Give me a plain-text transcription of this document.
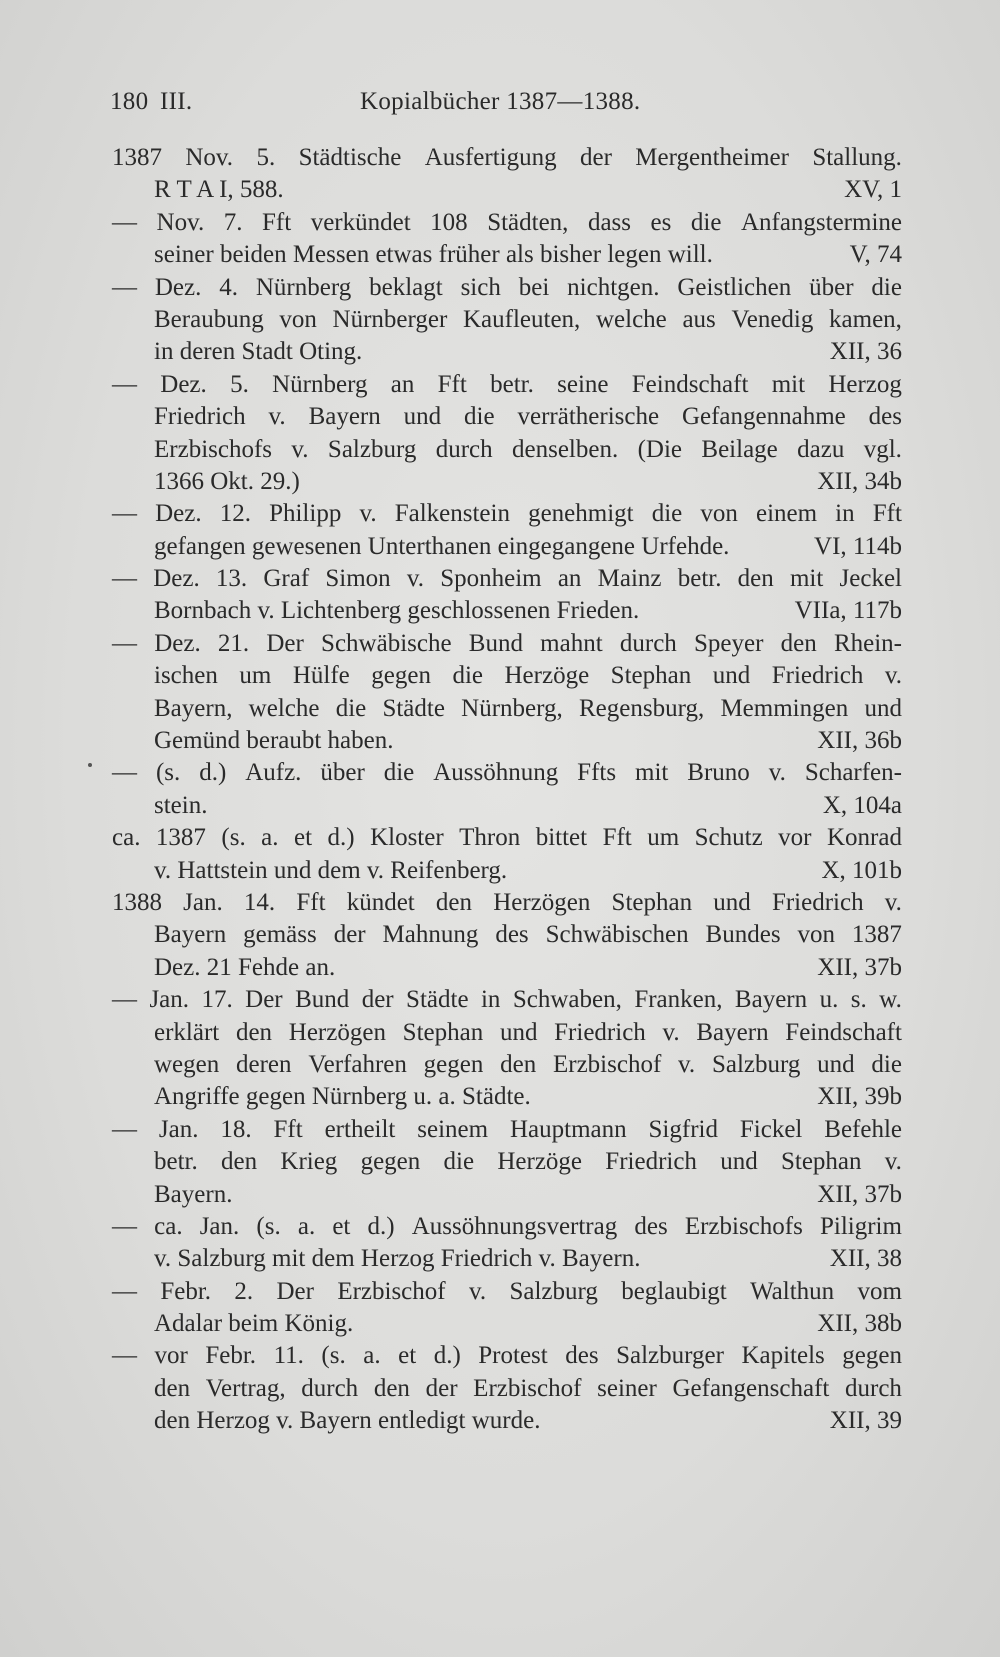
180 III.	Kopialbücher 1387—1388.
1387 Nov. 5. Städtische Ausfertigung der Mergentheimer Stallung.
R T A I, 588.	XV, 1
— Nov. 7. Fft verkündet 108 Städten, dass es die Anfangstermine
seiner beiden Messen etwas früher als bisher legen will.	V, 74
— Dez. 4. Nürnberg beklagt sich bei nichtgen. Geistlichen über die
Beraubung von Nürnberger Kaufleuten, welche aus Venedig kamen,
in deren Stadt Oting.	XII, 36
— Dez. 5. Nürnberg an Fft betr. seine Feindschaft mit Herzog
Friedrich v. Bayern und die verrätherische Gefangennahme des
Erzbischofs v. Salzburg durch denselben. (Die Beilage dazu vgl.
1366 Okt. 29.)	XII, 34b
— Dez. 12. Philipp v. Falkenstein genehmigt die von einem in Fft
gefangen gewesenen Unterthanen eingegangene Urfehde.	VI, 114b
— Dez. 13. Graf Simon v. Sponheim an Mainz betr. den mit Jeckel
Bornbach v. Lichtenberg geschlossenen Frieden.	VIIa, 117b
— Dez. 21. Der Schwäbische Bund mahnt durch Speyer den Rhein-
ischen um Hülfe gegen die Herzöge Stephan und Friedrich v.
Bayern, welche die Städte Nürnberg, Regensburg, Memmingen und
Gemünd beraubt haben.	XII, 36b
— (s. d.) Aufz. über die Aussöhnung Ffts mit Bruno v. Scharfen-
stein.	X, 104a
ca. 1387 (s. a. et d.) Kloster Thron bittet Fft um Schutz vor Konrad
v. Hattstein und dem v. Reifenberg.	X, 101b
1388 Jan. 14. Fft kündet den Herzögen Stephan und Friedrich v.
Bayern gemäss der Mahnung des Schwäbischen Bundes von 1387
Dez. 21 Fehde an.	XII, 37b
— Jan. 17. Der Bund der Städte in Schwaben, Franken, Bayern u. s. w.
erklärt den Herzögen Stephan und Friedrich v. Bayern Feindschaft
wegen deren Verfahren gegen den Erzbischof v. Salzburg und die
Angriffe gegen Nürnberg u. a. Städte.	XII, 39b
— Jan. 18. Fft ertheilt seinem Hauptmann Sigfrid Fickel Befehle
betr. den Krieg gegen die Herzöge Friedrich und Stephan v.
Bayern.	XII, 37b
— ca. Jan. (s. a. et d.) Aussöhnungsvertrag des Erzbischofs Piligrim
v. Salzburg mit dem Herzog Friedrich v. Bayern.	XII, 38
— Febr. 2. Der Erzbischof v. Salzburg beglaubigt Walthun vom
Adalar beim König.	XII, 38b
— vor Febr. 11. (s. a. et d.) Protest des Salzburger Kapitels gegen
den Vertrag, durch den der Erzbischof seiner Gefangenschaft durch
den Herzog v. Bayern entledigt wurde.	XII, 39
